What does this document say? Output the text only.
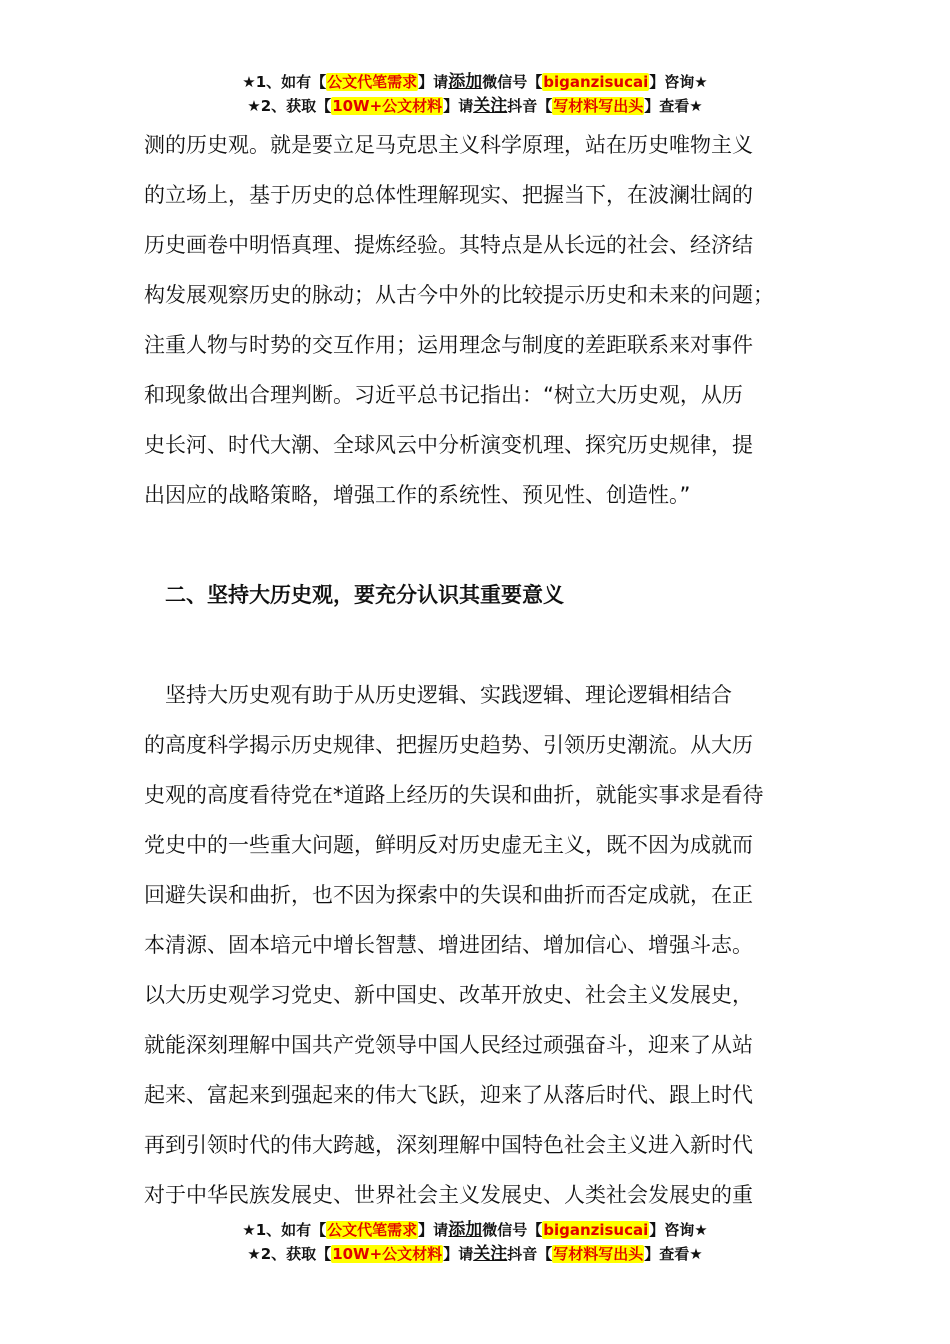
★1、如有【公文代笔需求】请添加微信号【biganzisucai】咨询★
★2、获取【10W+公文材料】请关注抖音【写材料写出头】查看★
测的历史观。就是要立足马克思主义科学原理，站在历史唯物主义
的立场上，基于历史的总体性理解现实、把握当下，在波澜壮阔的
历史画卷中明悟真理、提炼经验。其特点是从长远的社会、经济结
构发展观察历史的脉动；从古今中外的比较提示历史和未来的问题；
注重人物与时势的交互作用；运用理念与制度的差距联系来对事件
和现象做出合理判断。习近平总书记指出：“树立大历史观，从历
史长河、时代大潮、全球风云中分析演变机理、探究历史规律，提
出因应的战略策略，增强工作的系统性、预见性、创造性。”
　二、坚持大历史观，要充分认识其重要意义
　坚持大历史观有助于从历史逻辑、实践逻辑、理论逻辑相结合
的高度科学揭示历史规律、把握历史趋势、引领历史潮流。从大历
史观的高度看待党在*道路上经历的失误和曲折，就能实事求是看待
党史中的一些重大问题，鲜明反对历史虚无主义，既不因为成就而
回避失误和曲折，也不因为探索中的失误和曲折而否定成就，在正
本清源、固本培元中增长智慧、增进团结、增加信心、增强斗志。
以大历史观学习党史、新中国史、改革开放史、社会主义发展史，
就能深刻理解中国共产党领导中国人民经过顽强奋斗，迎来了从站
起来、富起来到强起来的伟大飞跃，迎来了从落后时代、跟上时代
再到引领时代的伟大跨越，深刻理解中国特色社会主义进入新时代
对于中华民族发展史、世界社会主义发展史、人类社会发展史的重
★1、如有【公文代笔需求】请添加微信号【biganzisucai】咨询★
★2、获取【10W+公文材料】请关注抖音【写材料写出头】查看★
